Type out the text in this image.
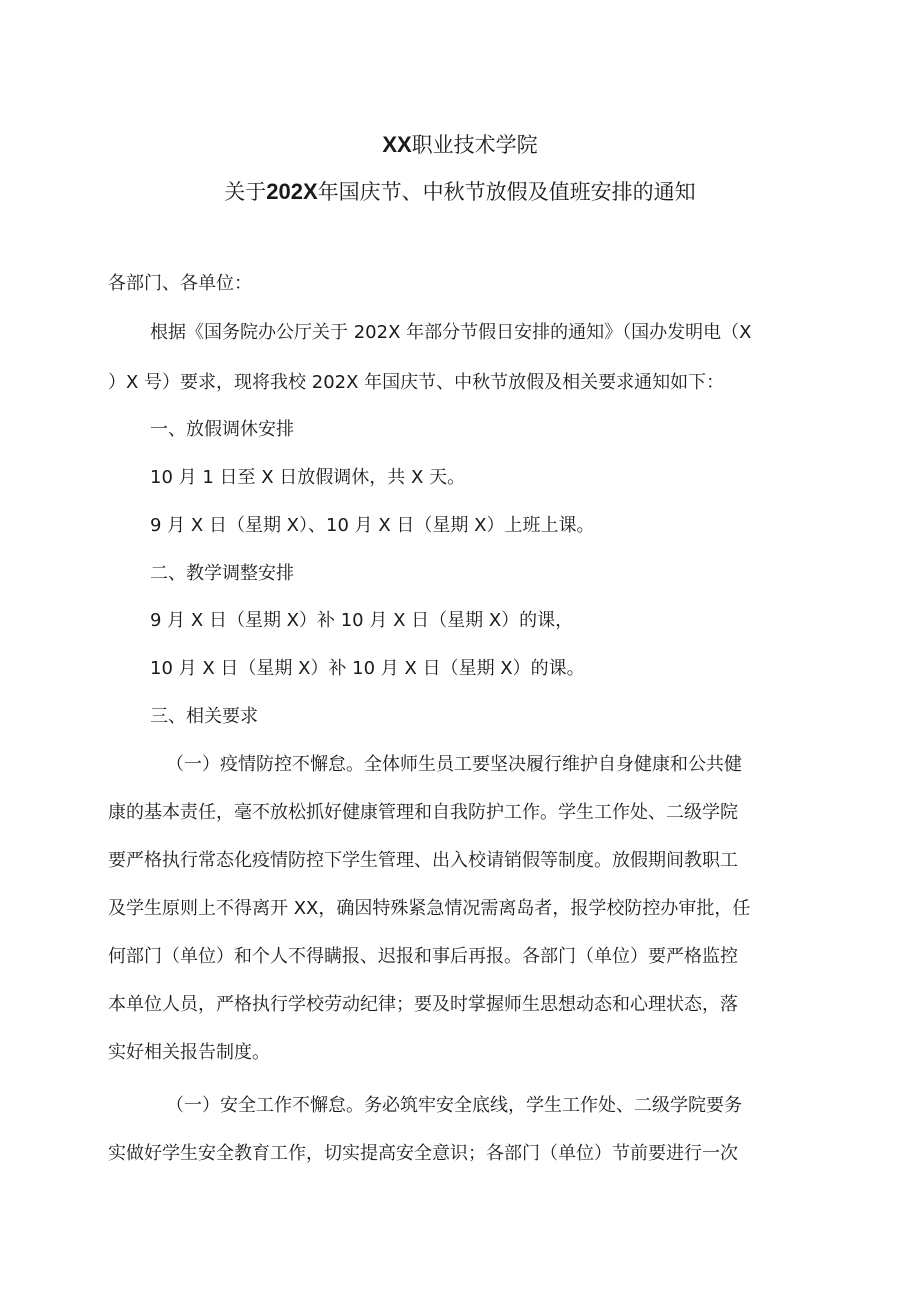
XX职业技术学院
关于202X年国庆节、中秋节放假及值班安排的通知
各部门、各单位：
根据《国务院办公厅关于 202X 年部分节假日安排的通知》（国办发明电（X
）X 号）要求，现将我校 202X 年国庆节、中秋节放假及相关要求通知如下：
一、放假调休安排
10 月 1 日至 X 日放假调休，共 X 天。
9 月 X 日（星期 X）、10 月 X 日（星期 X）上班上课。
二、教学调整安排
9 月 X 日（星期 X）补 10 月 X 日（星期 X）的课，
10 月 X 日（星期 X）补 10 月 X 日（星期 X）的课。
三、相关要求
（一）疫情防控不懈怠。全体师生员工要坚决履行维护自身健康和公共健
康的基本责任，毫不放松抓好健康管理和自我防护工作。学生工作处、二级学院
要严格执行常态化疫情防控下学生管理、出入校请销假等制度。放假期间教职工
及学生原则上不得离开 XX，确因特殊紧急情况需离岛者，报学校防控办审批，任
何部门（单位）和个人不得瞒报、迟报和事后再报。各部门（单位）要严格监控
本单位人员，严格执行学校劳动纪律；要及时掌握师生思想动态和心理状态，落
实好相关报告制度。
（一）安全工作不懈怠。务必筑牢安全底线，学生工作处、二级学院要务
实做好学生安全教育工作，切实提高安全意识；各部门（单位）节前要进行一次
